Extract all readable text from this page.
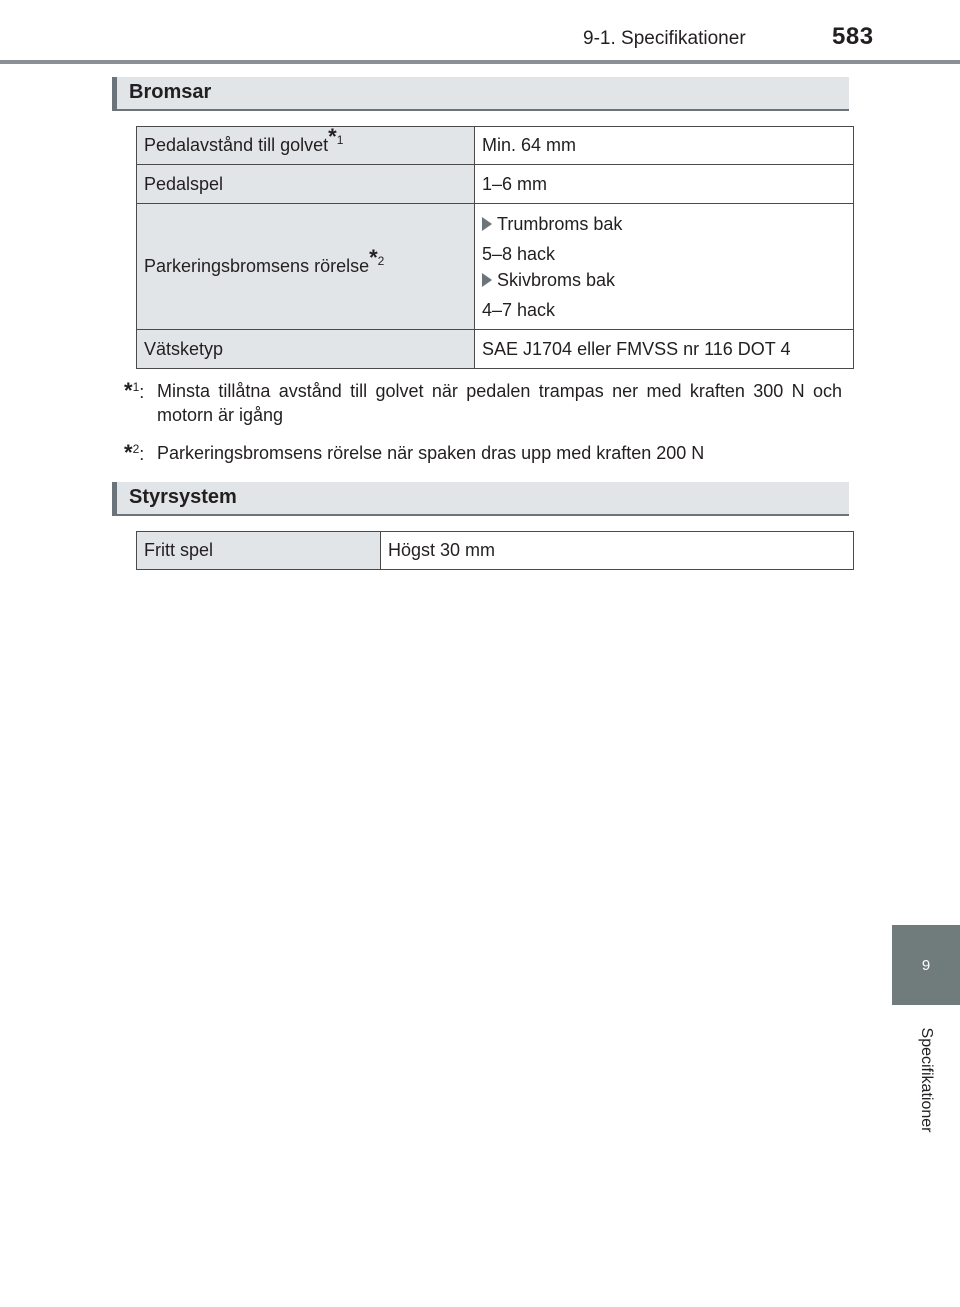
9-1. Specifikationer	583
9
Specifikationer
Bromsar
Pedalavstånd till golvet$^{*1}$	Min. 64 mm
Pedalspel	1–6 mm
Parkeringsbromsens rörelse$^{*2}$	Trumbroms bak

5–8 hack

Skivbroms bak

4–7 hack

Vätsketyp	SAE J1704 eller FMVSS nr 116 DOT 4
*$^1$: Minsta tillåtna avstånd till golvet när pedalen trampas ner med kraften 300 N och motorn är igång
*$^2$: Parkeringsbromsens rörelse när spaken dras upp med kraften 200 N
Styrsystem
Fritt spel	Högst 30 mm
